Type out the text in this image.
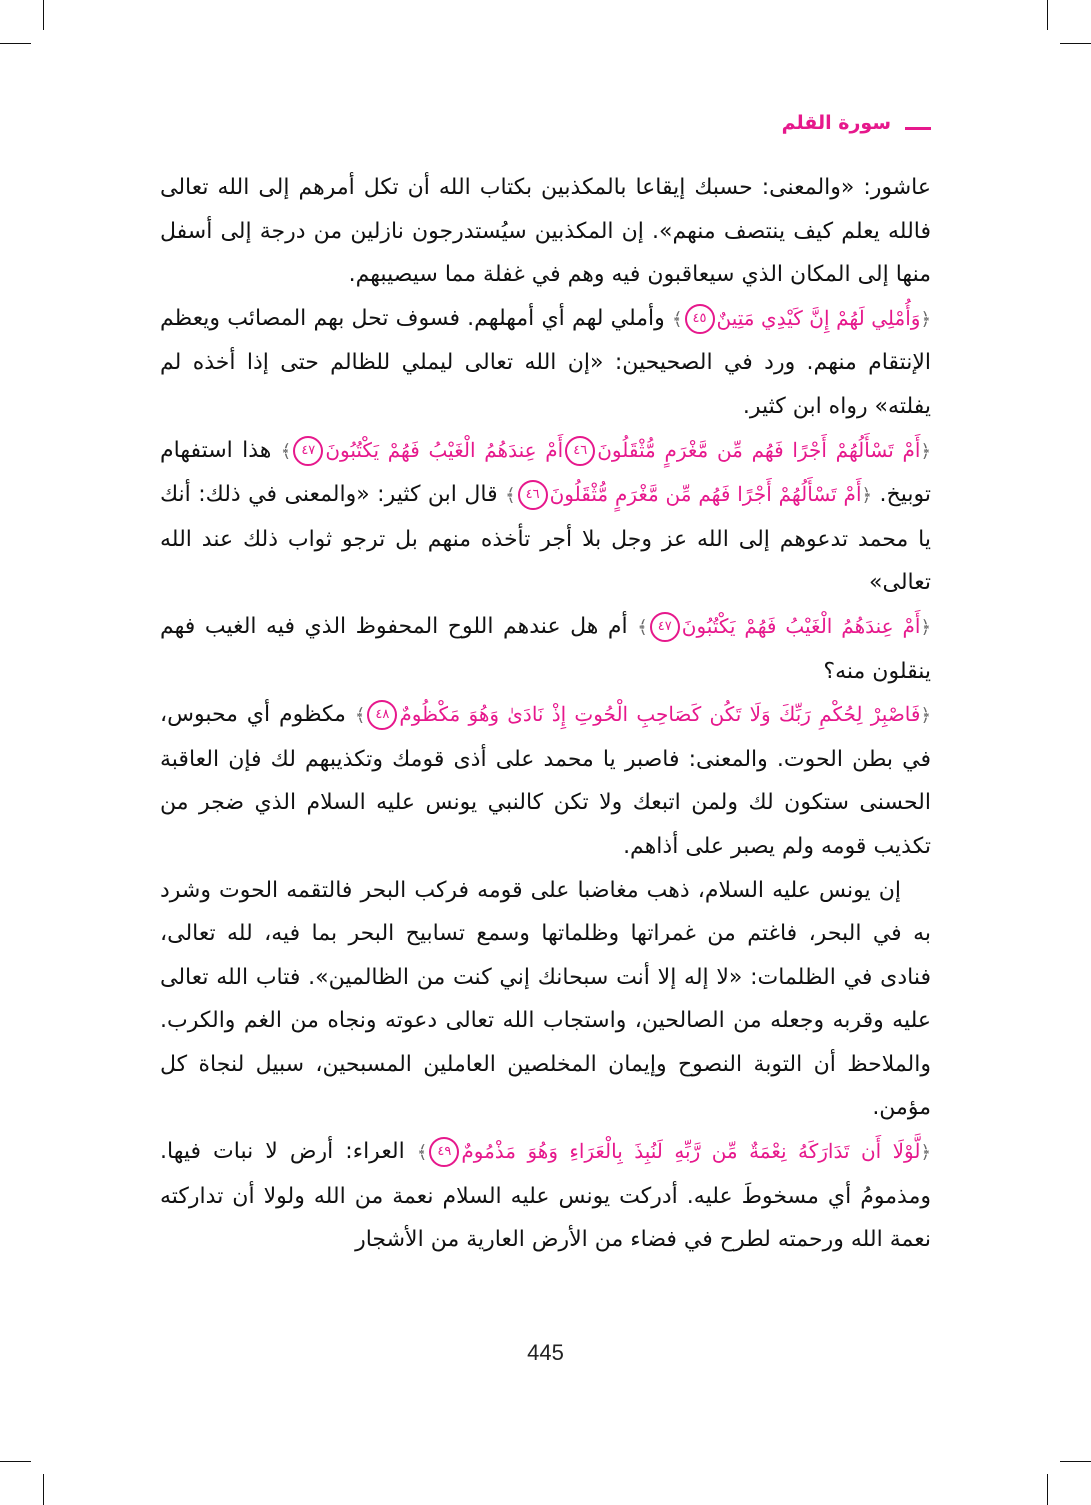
سورة القلم

عاشور: «والمعنى: حسبك إيقاعا بالمكذبين بكتاب الله أن تكل أمرهم إلى الله تعالى فالله يعلم كيف ينتصف منهم». إن المكذبين سيُستدرجون نازلين من درجة إلى أسفل منها إلى المكان الذي سيعاقبون فيه وهم في غفلة مما سيصيبهم.

﴿وَأُمْلِي لَهُمْ إِنَّ كَيْدِي مَتِينٌ٤٥﴾ وأملي لهم أي أمهلهم. فسوف تحل بهم المصائب ويعظم الإنتقام منهم. ورد في الصحيحين: «إن الله تعالى ليملي للظالم حتى إذا أخذه لم يفلته» رواه ابن كثير.

﴿أَمْ تَسْأَلُهُمْ أَجْرًا فَهُم مِّن مَّغْرَمٍ مُّثْقَلُونَ٤٦أَمْ عِندَهُمُ الْغَيْبُ فَهُمْ يَكْتُبُونَ٤٧﴾ هذا استفهام توبيخ. ﴿أَمْ تَسْأَلُهُمْ أَجْرًا فَهُم مِّن مَّغْرَمٍ مُّثْقَلُونَ٤٦﴾ قال ابن كثير: «والمعنى في ذلك: أنك يا محمد تدعوهم إلى الله عز وجل بلا أجر تأخذه منهم بل ترجو ثواب ذلك عند الله تعالى»

﴿أَمْ عِندَهُمُ الْغَيْبُ فَهُمْ يَكْتُبُونَ٤٧﴾ أم هل عندهم اللوح المحفوظ الذي فيه الغيب فهم ينقلون منه؟

﴿فَاصْبِرْ لِحُكْمِ رَبِّكَ وَلَا تَكُن كَصَاحِبِ الْحُوتِ إِذْ نَادَىٰ وَهُوَ مَكْظُومٌ٤٨﴾ مكظوم أي محبوس، في بطن الحوت. والمعنى: فاصبر يا محمد على أذى قومك وتكذيبهم لك فإن العاقبة الحسنى ستكون لك ولمن اتبعك ولا تكن كالنبي يونس عليه السلام الذي ضجر من تكذيب قومه ولم يصبر على أذاهم.

إن يونس عليه السلام، ذهب مغاضبا على قومه فركب البحر فالتقمه الحوت وشرد به في البحر، فاغتم من غمراتها وظلماتها وسمع تسابيح البحر بما فيه، لله تعالى، فنادى في الظلمات: «لا إله إلا أنت سبحانك إني كنت من الظالمين». فتاب الله تعالى عليه وقربه وجعله من الصالحين، واستجاب الله تعالى دعوته ونجاه من الغم والكرب. والملاحظ أن التوبة النصوح وإيمان المخلصين العاملين المسبحين، سبيل لنجاة كل مؤمن.

﴿لَّوْلَا أَن تَدَارَكَهُ نِعْمَةٌ مِّن رَّبِّهِ لَنُبِذَ بِالْعَرَاءِ وَهُوَ مَذْمُومٌ٤٩﴾ العراء: أرض لا نبات فيها. ومذمومُ أي مسخوطَ عليه. أدركت يونس عليه السلام نعمة من الله ولولا أن تداركته نعمة الله ورحمته لطرح في فضاء من الأرض العارية من الأشجار

445
